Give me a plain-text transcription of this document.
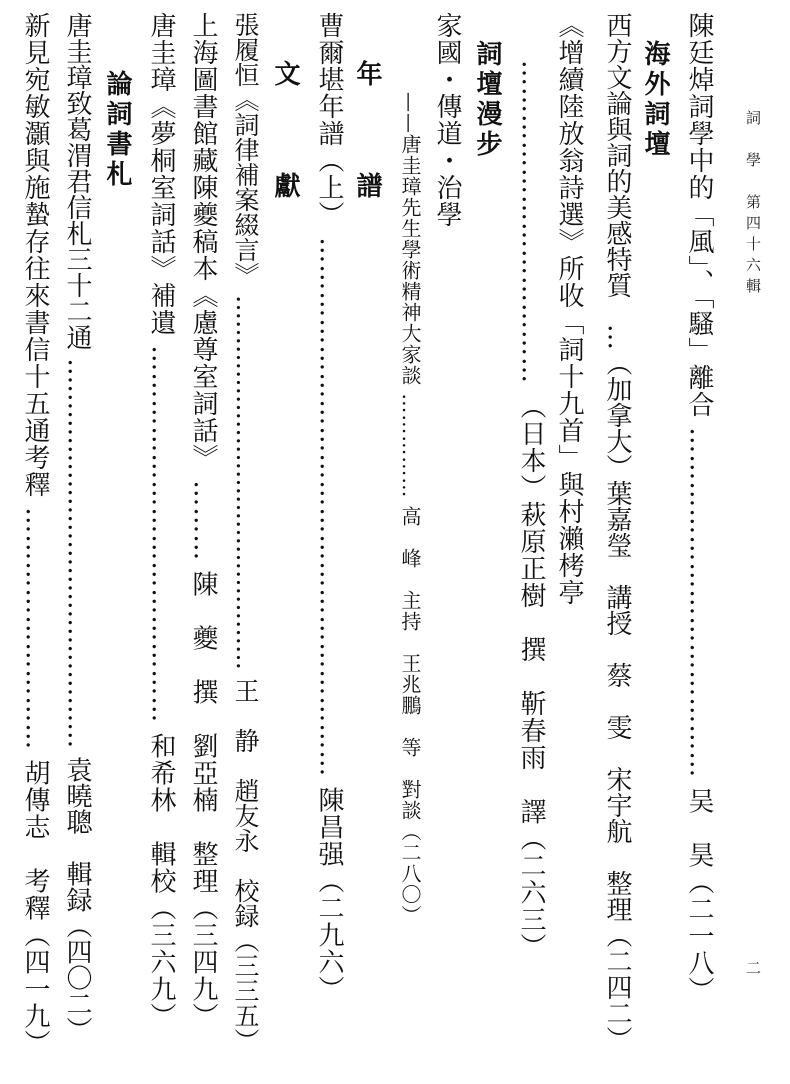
詞　學　第四十六輯
二
陳廷焯詞學中的「風」、「騷」離合 ………………………………… 吴　昊（二一八）
海外詞壇
西方文論與詞的美感特質　…（加拿大）葉嘉瑩　講授　蔡　雯　宋宇航　整理（二四二）
《增續陸放翁詩選》所收「詞十九首」與村瀨栲亭
……………………………… （日本）萩原正樹　撰　靳春雨　譯（二六三）
詞壇漫步
家國・傳道・治學
——唐圭璋先生學術精神大家談 …………… 高　峰　主持　王兆鵬　等　對談（二八〇）
年　譜
曹爾堪年譜（上） …………………………………………………… 陳昌强（二九六）
文　獻
張履恒《詞律補案綴言》 ……………………………………… 王　静　趙友永　校録（三三五）
上海圖書館藏陳夔稿本《慮尊室詞話》 ……… 陳　夔　撰　劉亞楠　整理（三四九）
唐圭璋《夢桐室詞話》補遺 …………………………………… 和希林　輯校（三六九）
論詞書札
唐圭璋致葛渭君信札三十二通 ……………………………………… 袁曉聰　輯録（四〇二）
新見宛敏灝與施蟄存往來書信十五通考釋 ……………………… 胡傳志　考釋（四一九）
